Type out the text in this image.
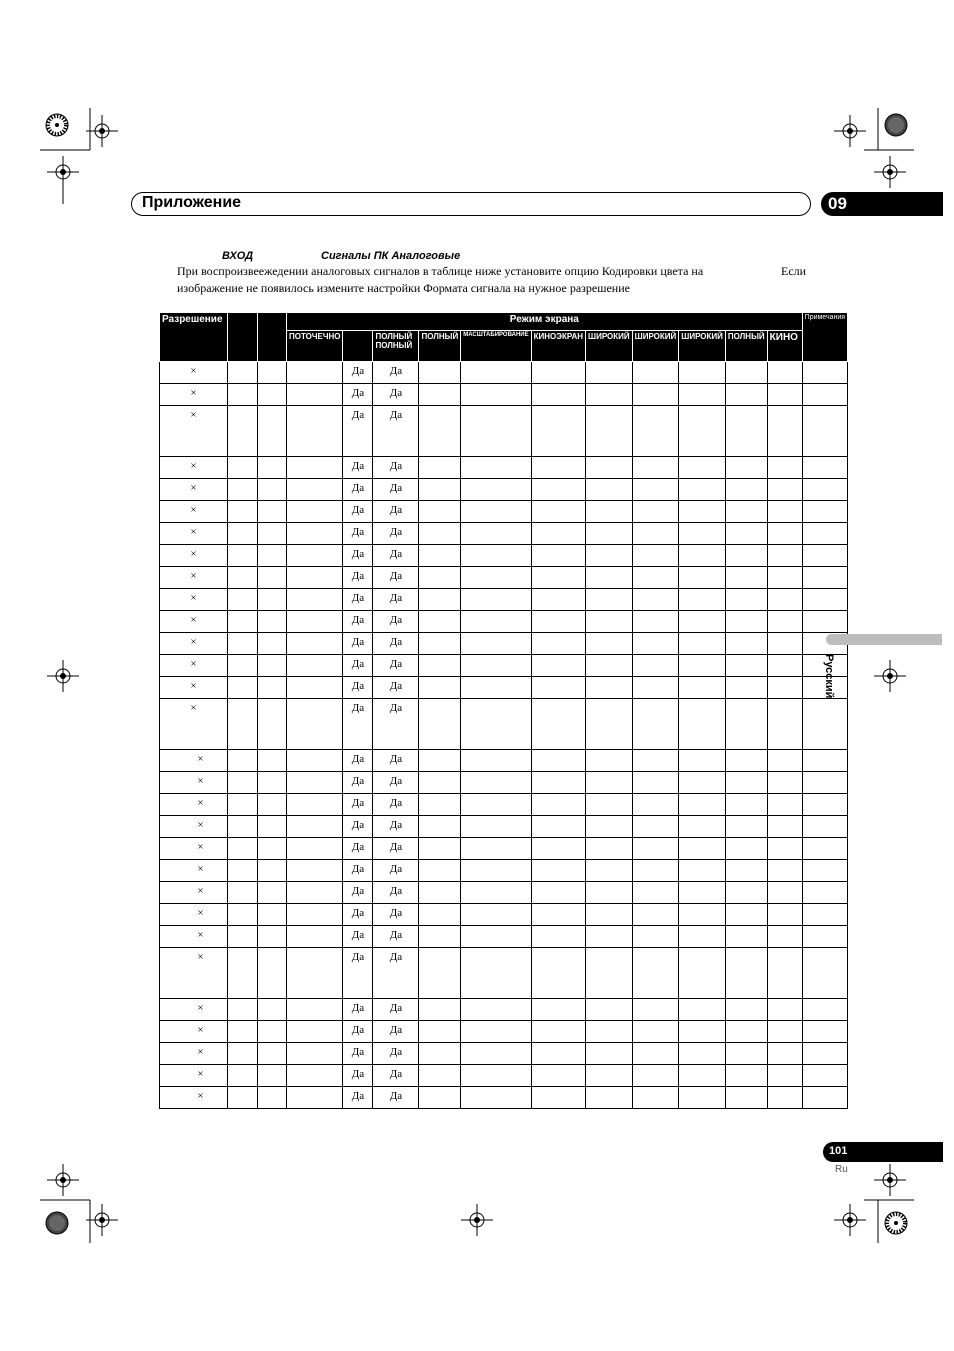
Приложение	09
ВХОД	Сигналы ПК Аналоговые
При воспроизвеежедении аналоговых сигналов в таблице ниже установите опцию Кодировки цвета на	Если
изображение не появилось измените настройки Формата сигнала на нужное разрешение
Разрешение			Режим экрана											Примечания
			ПОТОЧЕЧНО		ПОЛНЫЙ ПОЛНЫЙ	ПОЛНЫЙ	МАСШТАБИРОВАНИЕ	КИНОЭКРАН	ШИРОКИЙ	ШИРОКИЙ	ШИРОКИЙ	ПОЛНЫЙ	КИНО	
×				Да	Да									
×				Да	Да									
×				Да	Да									
×				Да	Да									
×				Да	Да									
×				Да	Да									
×				Да	Да									
×				Да	Да									
×				Да	Да									
×				Да	Да									
×				Да	Да									
×				Да	Да									
×				Да	Да									
×				Да	Да									
×				Да	Да									
×				Да	Да									
×				Да	Да									
×				Да	Да									
×				Да	Да									
×				Да	Да									
×				Да	Да									
×				Да	Да									
×				Да	Да									
×				Да	Да									
×				Да	Да									
×				Да	Да									
×				Да	Да									
×				Да	Да									
×				Да	Да									
×				Да	Да									
Русский
101
Ru
